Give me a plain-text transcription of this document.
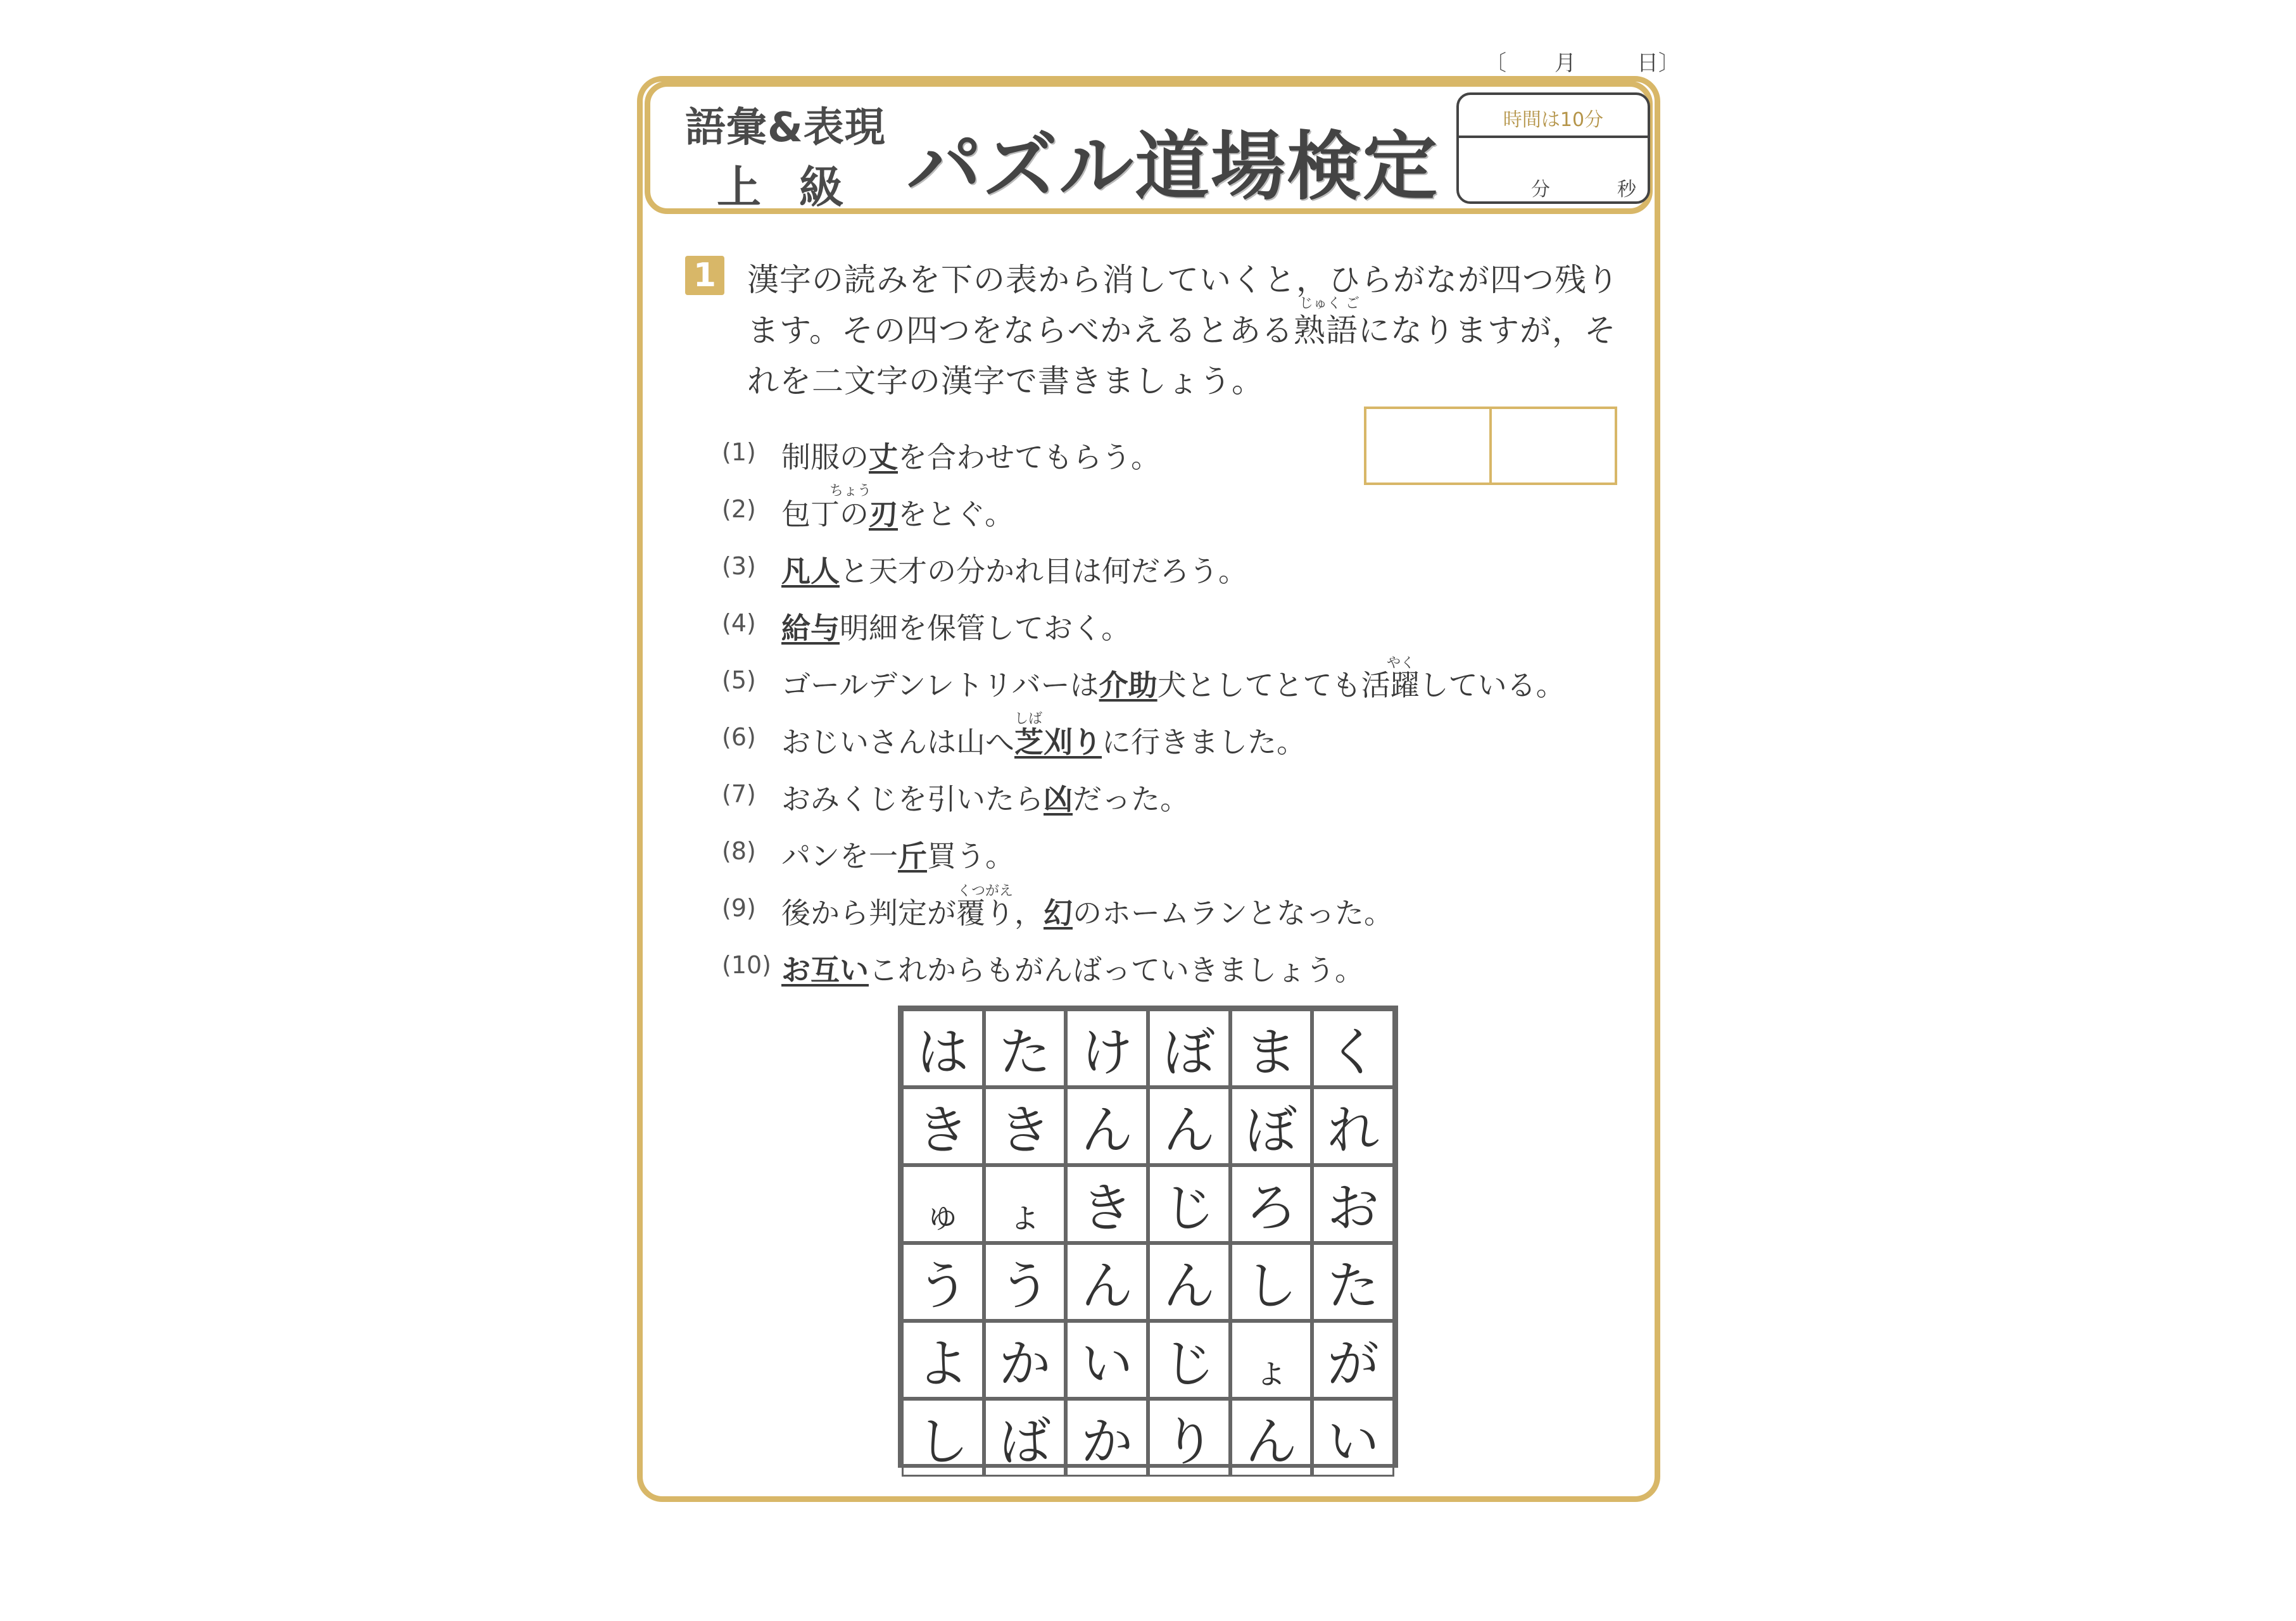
〔 月	日〕
語彙&表現
上級 パズル道場検定
時間は10分
分	秒
1 漢字の読みを下の表から消していくと，ひらがなが四つ残り
じゅく ご
ます。その四つをならべかえるとある熟語になりますが，そ
れを二文字の漢字で書きましょう。
(1) 制服の丈を合わせてもらう。
ちょう
(2) 包丁の刃をとぐ。
(3) 凡人と天才の分かれ目は何だろう。
(4) 給与明細を保管しておく。
やく
(5) ゴールデンレトリバーは介助犬としてとても活躍している。
しば
(6) おじいさんは山へ芝刈りに行きました。
(7) おみくじを引いたら凶だった。
(8) パンを一斤買う。
くつがえ
(9) 後から判定が覆り，幻のホームランとなった。
(10) お互いこれからもがんばっていきましょう。
は た け ぼ ま く
き き ん ん ぼ れ
ゅ	ょ き じ ろ お
う う ん ん し た
よ か い じ	ょ が
し ば か り ん い
